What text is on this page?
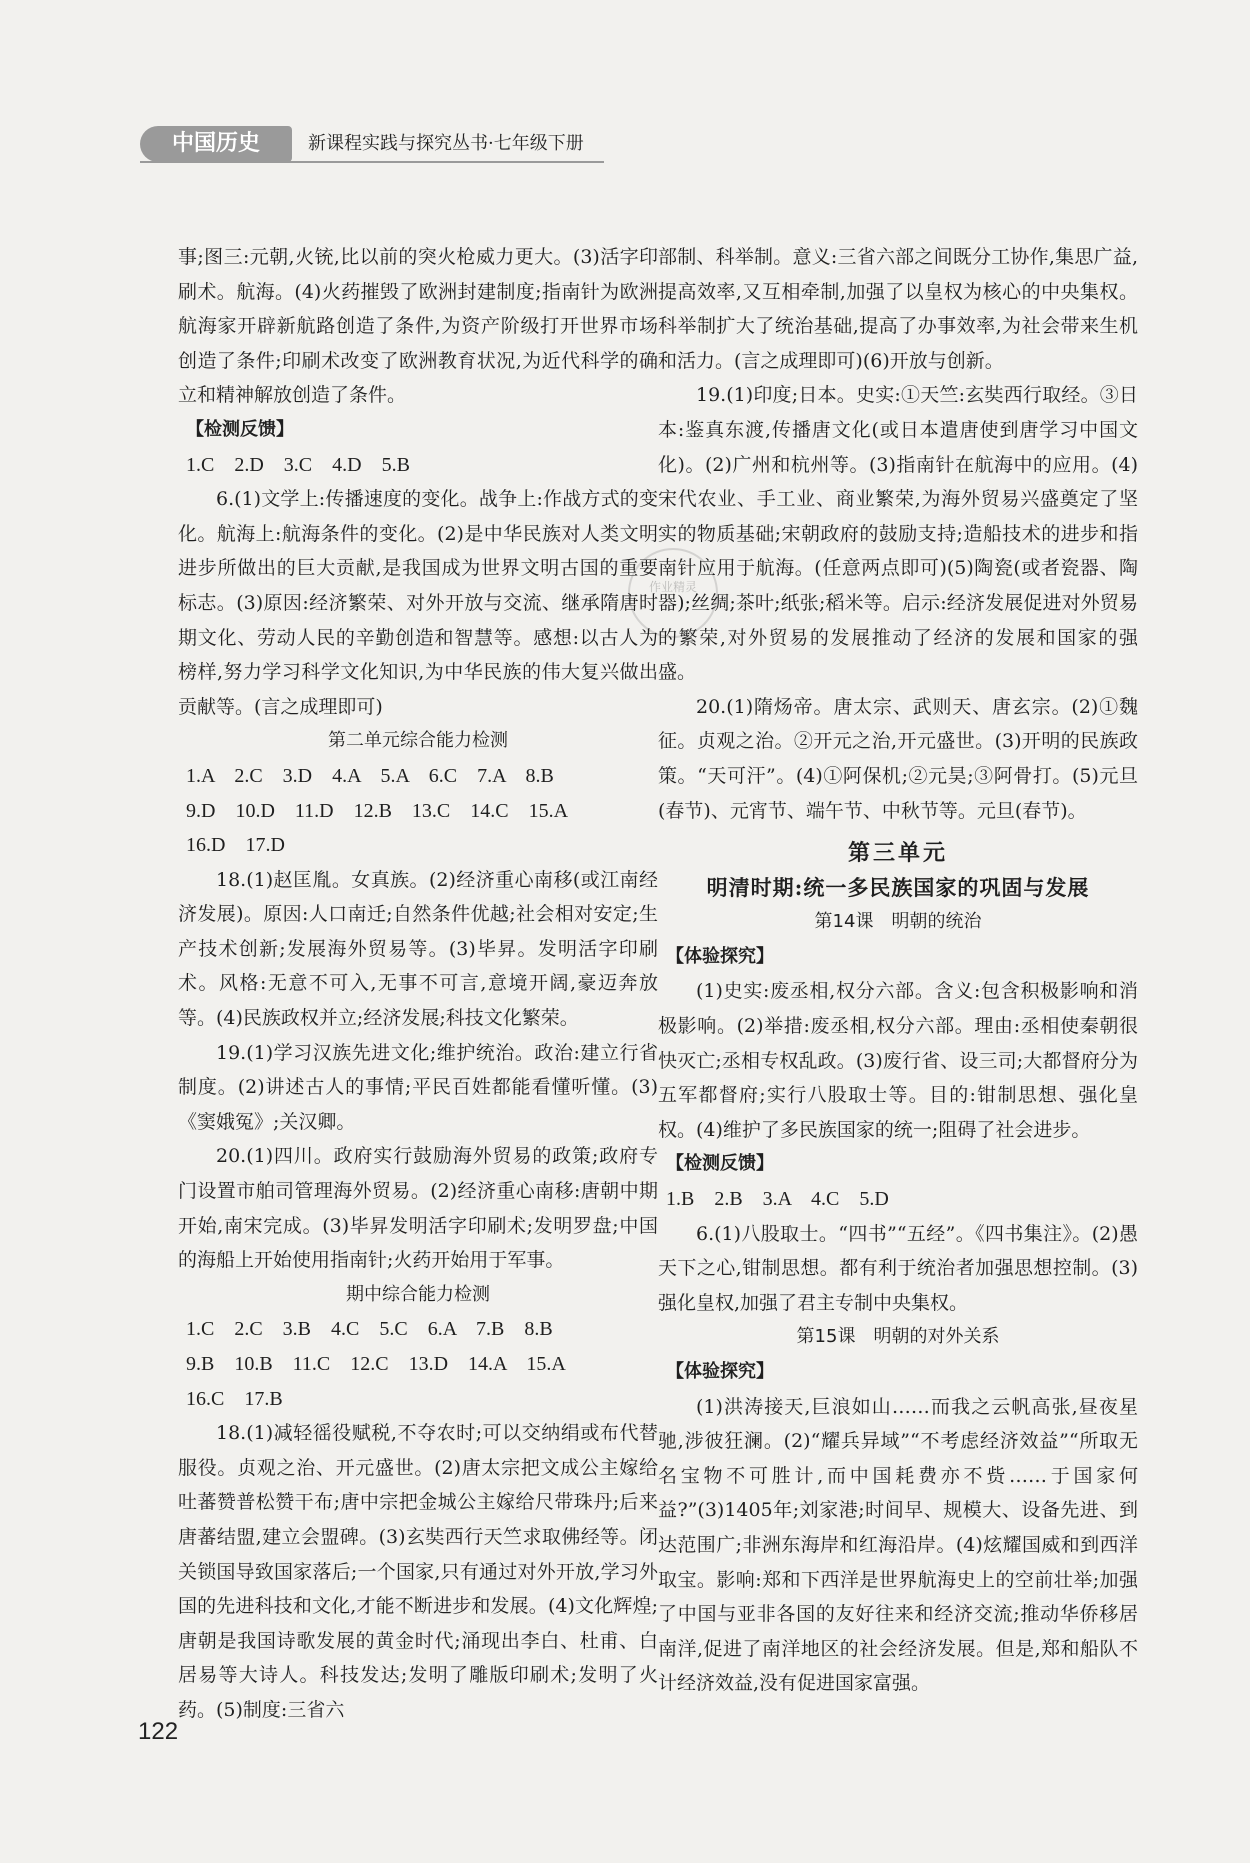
中国历史	新课程实践与探究丛书·七年级下册
作业精灵

事;图三:元朝,火铳,比以前的突火枪威力更大。(3)活字印刷术。航海。(4)火药摧毁了欧洲封建制度;指南针为欧洲航海家开辟新航路创造了条件,为资产阶级打开世界市场创造了条件;印刷术改变了欧洲教育状况,为近代科学的确立和精神解放创造了条件。

【检测反馈】

1.C　2.D　3.C　4.D　5.B

6.(1)文学上:传播速度的变化。战争上:作战方式的变化。航海上:航海条件的变化。(2)是中华民族对人类文明进步所做出的巨大贡献,是我国成为世界文明古国的重要标志。(3)原因:经济繁荣、对外开放与交流、继承隋唐时期文化、劳动人民的辛勤创造和智慧等。感想:以古人为榜样,努力学习科学文化知识,为中华民族的伟大复兴做出贡献等。(言之成理即可)

第二单元综合能力检测

1.A　2.C　3.D　4.A　5.A　6.C　7.A　8.B

9.D　10.D　11.D　12.B　13.C　14.C　15.A

16.D　17.D

18.(1)赵匡胤。女真族。(2)经济重心南移(或江南经济发展)。原因:人口南迁;自然条件优越;社会相对安定;生产技术创新;发展海外贸易等。(3)毕昇。发明活字印刷术。风格:无意不可入,无事不可言,意境开阔,豪迈奔放等。(4)民族政权并立;经济发展;科技文化繁荣。

19.(1)学习汉族先进文化;维护统治。政治:建立行省制度。(2)讲述古人的事情;平民百姓都能看懂听懂。(3)《窦娥冤》;关汉卿。

20.(1)四川。政府实行鼓励海外贸易的政策;政府专门设置市舶司管理海外贸易。(2)经济重心南移:唐朝中期开始,南宋完成。(3)毕昇发明活字印刷术;发明罗盘;中国的海船上开始使用指南针;火药开始用于军事。

期中综合能力检测

1.C　2.C　3.B　4.C　5.C　6.A　7.B　8.B

9.B　10.B　11.C　12.C　13.D　14.A　15.A

16.C　17.B

18.(1)减轻徭役赋税,不夺农时;可以交纳绢或布代替服役。贞观之治、开元盛世。(2)唐太宗把文成公主嫁给吐蕃赞普松赞干布;唐中宗把金城公主嫁给尺带珠丹;后来唐蕃结盟,建立会盟碑。(3)玄奘西行天竺求取佛经等。闭关锁国导致国家落后;一个国家,只有通过对外开放,学习外国的先进科技和文化,才能不断进步和发展。(4)文化辉煌;唐朝是我国诗歌发展的黄金时代;涌现出李白、杜甫、白居易等大诗人。科技发达;发明了雕版印刷术;发明了火药。(5)制度:三省六

部制、科举制。意义:三省六部之间既分工协作,集思广益,提高效率,又互相牵制,加强了以皇权为核心的中央集权。科举制扩大了统治基础,提高了办事效率,为社会带来生机和活力。(言之成理即可)(6)开放与创新。

19.(1)印度;日本。史实:①天竺:玄奘西行取经。③日本:鉴真东渡,传播唐文化(或日本遣唐使到唐学习中国文化)。(2)广州和杭州等。(3)指南针在航海中的应用。(4)宋代农业、手工业、商业繁荣,为海外贸易兴盛奠定了坚实的物质基础;宋朝政府的鼓励支持;造船技术的进步和指南针应用于航海。(任意两点即可)(5)陶瓷(或者瓷器、陶器);丝绸;茶叶;纸张;稻米等。启示:经济发展促进对外贸易的繁荣,对外贸易的发展推动了经济的发展和国家的强盛。

20.(1)隋炀帝。唐太宗、武则天、唐玄宗。(2)①魏征。贞观之治。②开元之治,开元盛世。(3)开明的民族政策。“天可汗”。(4)①阿保机;②元昊;③阿骨打。(5)元旦(春节)、元宵节、端午节、中秋节等。元旦(春节)。

第三单元

明清时期:统一多民族国家的巩固与发展

第14课　明朝的统治

【体验探究】

(1)史实:废丞相,权分六部。含义:包含积极影响和消极影响。(2)举措:废丞相,权分六部。理由:丞相使秦朝很快灭亡;丞相专权乱政。(3)废行省、设三司;大都督府分为五军都督府;实行八股取士等。目的:钳制思想、强化皇权。(4)维护了多民族国家的统一;阻碍了社会进步。

【检测反馈】

1.B　2.B　3.A　4.C　5.D

6.(1)八股取士。“四书”“五经”。《四书集注》。(2)愚天下之心,钳制思想。都有利于统治者加强思想控制。(3)强化皇权,加强了君主专制中央集权。

第15课　明朝的对外关系

【体验探究】

(1)洪涛接天,巨浪如山……而我之云帆高张,昼夜星驰,涉彼狂澜。(2)“耀兵异域”“不考虑经济效益”“所取无名宝物不可胜计,而中国耗费亦不赀……于国家何益?”(3)1405年;刘家港;时间早、规模大、设备先进、到达范围广;非洲东海岸和红海沿岸。(4)炫耀国威和到西洋取宝。影响:郑和下西洋是世界航海史上的空前壮举;加强了中国与亚非各国的友好往来和经济交流;推动华侨移居南洋,促进了南洋地区的社会经济发展。但是,郑和船队不计经济效益,没有促进国家富强。

122
